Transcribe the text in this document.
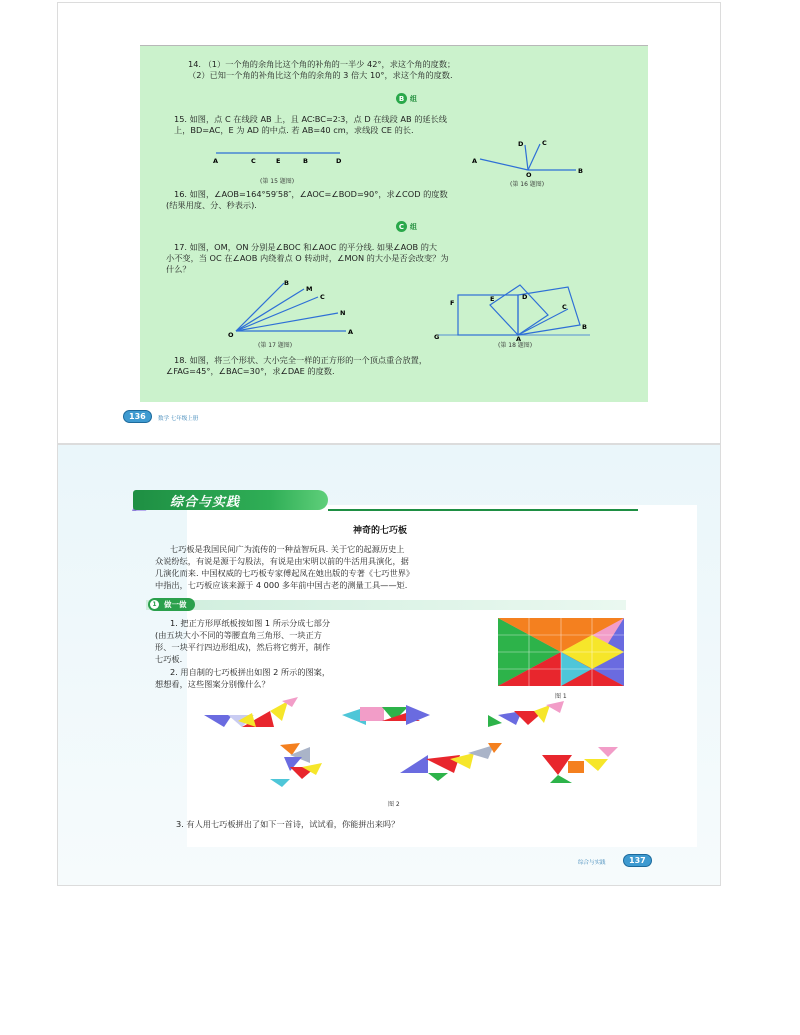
14. （1）一个角的余角比这个角的补角的一半少 42°，求这个角的度数；

（2）已知一个角的补角比这个角的余角的 3 倍大 10°，求这个角的度数.

B 组

15. 如图，点 C 在线段 AB 上，且 AC∶BC=2∶3，点 D 在线段 AB 的延长线

上，BD=AC，E 为 AD 的中点. 若 AB=40 cm，求线段 CE 的长.

A	C	E	B	D
(第 15 题图)
D	C
A
O	B
(第 16 题图)

16. 如图，∠AOB=164°59′58″，∠AOC=∠BOD=90°，求∠COD 的度数

(结果用度、分、秒表示).

C 组

17. 如图，OM，ON 分别是∠BOC 和∠AOC 的平分线. 如果∠AOB 的大

小不变，当 OC 在∠AOB 内绕着点 O 转动时，∠MON 的大小是否会改变？为

什么？

B
M
C
N
O	A
(第 17 题图)
F	E	D
C
G	A
B
(第 18 题图)

18. 如图，将三个形状、大小完全一样的正方形的一个顶点重合放置，

∠FAG=45°，∠BAC=30°，求∠DAE 的度数.

136	数学 七年级上册
综合与实践
神奇的七巧板

七巧板是我国民间广为流传的一种益智玩具. 关于它的起源历史上

众说纷纭，有说是源于勾股法，有说是由宋明以前的牛活用具演化，据

几演化而来. 中国权威的七巧板专家傅起凤在她出版的专著《七巧世界》

中指出，七巧板应该来源于 4 000 多年前中国古老的测量工具——矩.

做一做
1

1. 把正方形厚纸板按如图 1 所示分成七部分

(由五块大小不同的等腰直角三角形、一块正方

形、一块平行四边形组成)，然后将它剪开，制作

七巧板.

2. 用自制的七巧板拼出如图 2 所示的图案，

想想看，这些图案分别像什么？

图 1
图 2

3. 有人用七巧板拼出了如下一首诗，试试看，你能拼出来吗？

综合与实践	137
